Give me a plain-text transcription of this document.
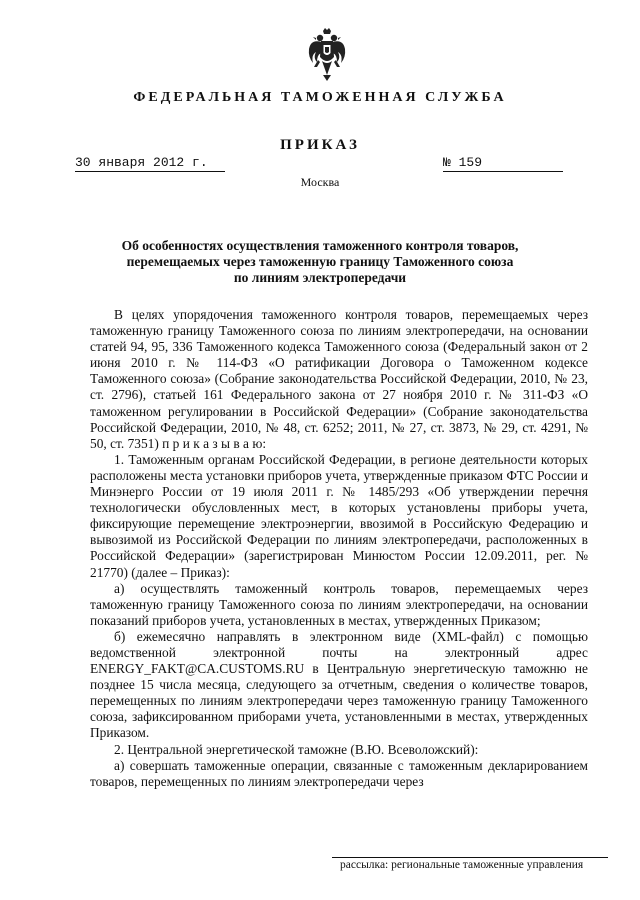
ФЕДЕРАЛЬНАЯ ТАМОЖЕННАЯ СЛУЖБА
ПРИКАЗ
30 января 2012 г.	№ 159
Москва
Об особенностях осуществления таможенного контроля товаров,
перемещаемых через таможенную границу Таможенного союза
по линиям электропередачи

В целях упорядочения таможенного контроля товаров, перемещаемых через таможенную границу Таможенного союза по линиям электропередачи, на основании статей 94, 95, 336 Таможенного кодекса Таможенного союза (Федеральный закон от 2 июня 2010 г. № 114-ФЗ «О ратификации Договора о Таможенном кодексе Таможенного союза» (Собрание законодательства Российской Федерации, 2010, № 23, ст. 2796), статьей 161 Федерального закона от 27 ноября 2010 г. № 311-ФЗ «О таможенном регулировании в Российской Федерации» (Собрание законодательства Российской Федерации, 2010, № 48, ст. 6252; 2011, № 27, ст. 3873, № 29, ст. 4291, № 50, ст. 7351) п р и к а з ы в а ю:

1. Таможенным органам Российской Федерации, в регионе деятельности которых расположены места установки приборов учета, утвержденные приказом ФТС России и Минэнерго России от 19 июля 2011 г. № 1485/293 «Об утверждении перечня технологически обусловленных мест, в которых установлены приборы учета, фиксирующие перемещение электроэнергии, ввозимой в Российскую Федерацию и вывозимой из Российской Федерации по линиям электропередачи, расположенных в Российской Федерации» (зарегистрирован Минюстом России 12.09.2011, рег. № 21770) (далее – Приказ):

а) осуществлять таможенный контроль товаров, перемещаемых через таможенную границу Таможенного союза по линиям электропередачи, на основании показаний приборов учета, установленных в местах, утвержденных Приказом;

б) ежемесячно направлять в электронном виде (XML-файл) с помощью ведомственной электронной почты на электронный адрес ENERGY_FAKT@CA.CUSTOMS.RU в Центральную энергетическую таможню не позднее 15 числа месяца, следующего за отчетным, сведения о количестве товаров, перемещенных по линиям электропередачи через таможенную границу Таможенного союза, зафиксированном приборами учета, установленными в местах, утвержденных Приказом.

2. Центральной энергетической таможне (В.Ю. Всеволожский):

а) совершать таможенные операции, связанные с таможенным декларированием товаров, перемещенных по линиям электропередачи через

рассылка: региональные таможенные управления
